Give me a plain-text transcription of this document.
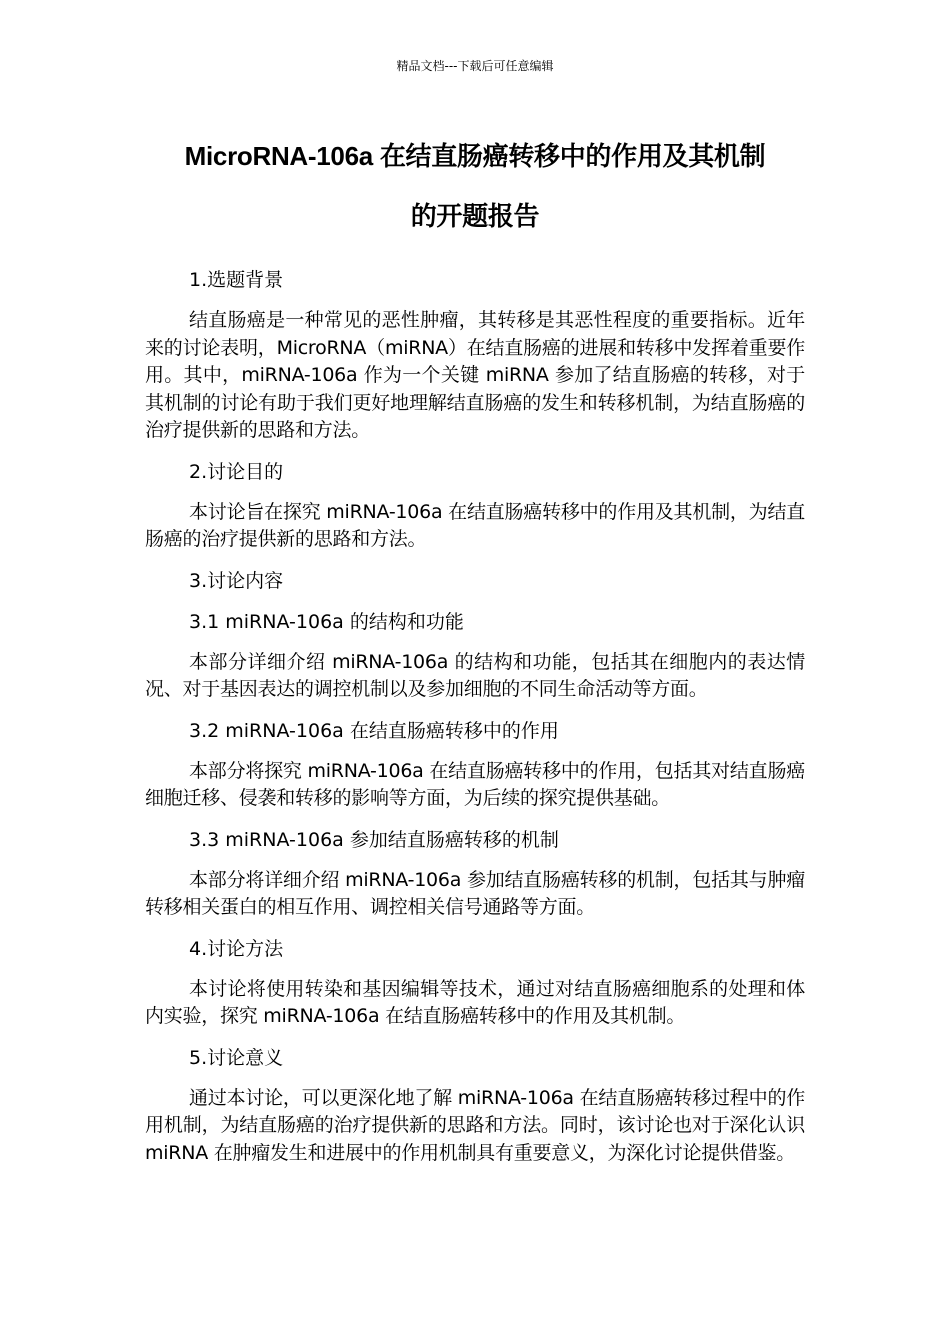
精品文档---下载后可任意编辑
MicroRNA-106a 在结直肠癌转移中的作用及其机制
的开题报告
1.选题背景
结直肠癌是一种常见的恶性肿瘤，其转移是其恶性程度的重要指标。近年来的讨论表明，MicroRNA（miRNA）在结直肠癌的进展和转移中发挥着重要作用。其中，miRNA-106a 作为一个关键 miRNA 参加了结直肠癌的转移，对于其机制的讨论有助于我们更好地理解结直肠癌的发生和转移机制，为结直肠癌的治疗提供新的思路和方法。
2.讨论目的
本讨论旨在探究 miRNA-106a 在结直肠癌转移中的作用及其机制，为结直肠癌的治疗提供新的思路和方法。
3.讨论内容
3.1 miRNA-106a 的结构和功能
本部分详细介绍 miRNA-106a 的结构和功能，包括其在细胞内的表达情况、对于基因表达的调控机制以及参加细胞的不同生命活动等方面。
3.2 miRNA-106a 在结直肠癌转移中的作用
本部分将探究 miRNA-106a 在结直肠癌转移中的作用，包括其对结直肠癌细胞迁移、侵袭和转移的影响等方面，为后续的探究提供基础。
3.3 miRNA-106a 参加结直肠癌转移的机制
本部分将详细介绍 miRNA-106a 参加结直肠癌转移的机制，包括其与肿瘤转移相关蛋白的相互作用、调控相关信号通路等方面。
4.讨论方法
本讨论将使用转染和基因编辑等技术，通过对结直肠癌细胞系的处理和体内实验，探究 miRNA-106a 在结直肠癌转移中的作用及其机制。
5.讨论意义
通过本讨论，可以更深化地了解 miRNA-106a 在结直肠癌转移过程中的作用机制，为结直肠癌的治疗提供新的思路和方法。同时，该讨论也对于深化认识 miRNA 在肿瘤发生和进展中的作用机制具有重要意义，为深化讨论提供借鉴。
